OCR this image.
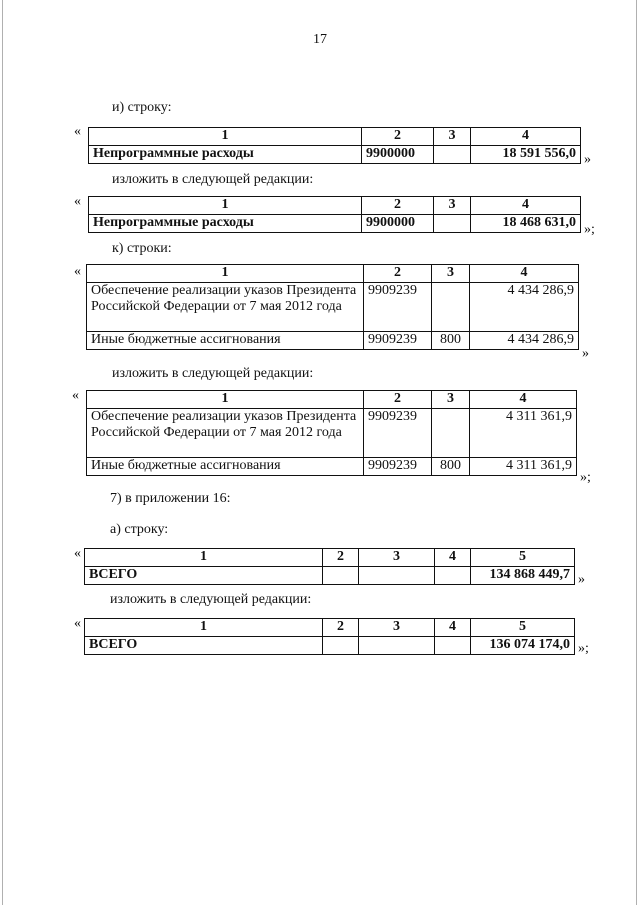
17
и) строку:
«	1	2	3	4
Непрограммные расходы	9900000		18 591 556,0 »
изложить в следующей редакции:
«	1	2	3	4
Непрограммные расходы	9900000		18 468 631,0 »;
к) строки:
«	1	2	3	4
Обеспечение реализации указов Президента Российской Федерации от 7 мая 2012 года	9909239		4 434 286,9
Иные бюджетные ассигнования	9909239	800	4 434 286,9
»
изложить в следующей редакции:
«	1	2	3	4
Обеспечение реализации указов Президента Российской Федерации от 7 мая 2012 года	9909239		4 311 361,9
Иные бюджетные ассигнования	9909239	800	4 311 361,9
»;
7) в приложении 16:
а) строку:
«	1	2	3	4	5
ВСЕГО				134 868 449,7 »
изложить в следующей редакции:
«	1	2	3	4	5
ВСЕГО				136 074 174,0 »;
